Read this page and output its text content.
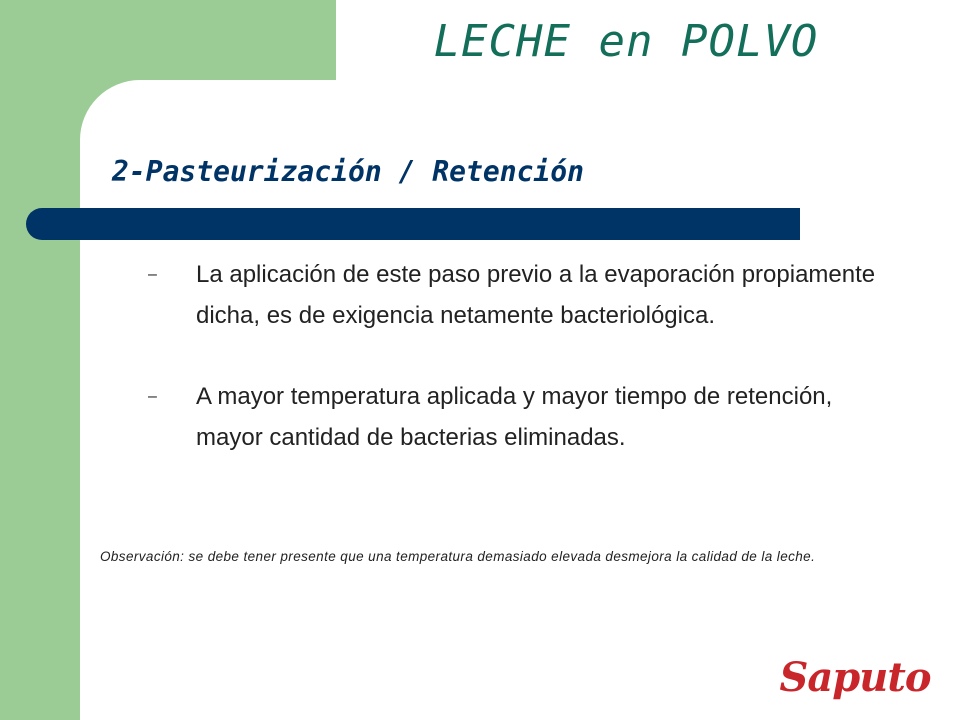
LECHE en POLVO
2-Pasteurización / Retención
– La aplicación de este paso previo a la evaporación propiamente dicha, es de exigencia netamente bacteriológica.
– A mayor temperatura aplicada y mayor tiempo de retención, mayor cantidad de bacterias eliminadas.
Observación: se debe tener presente que una temperatura demasiado elevada desmejora la calidad de la leche.
Saputo
